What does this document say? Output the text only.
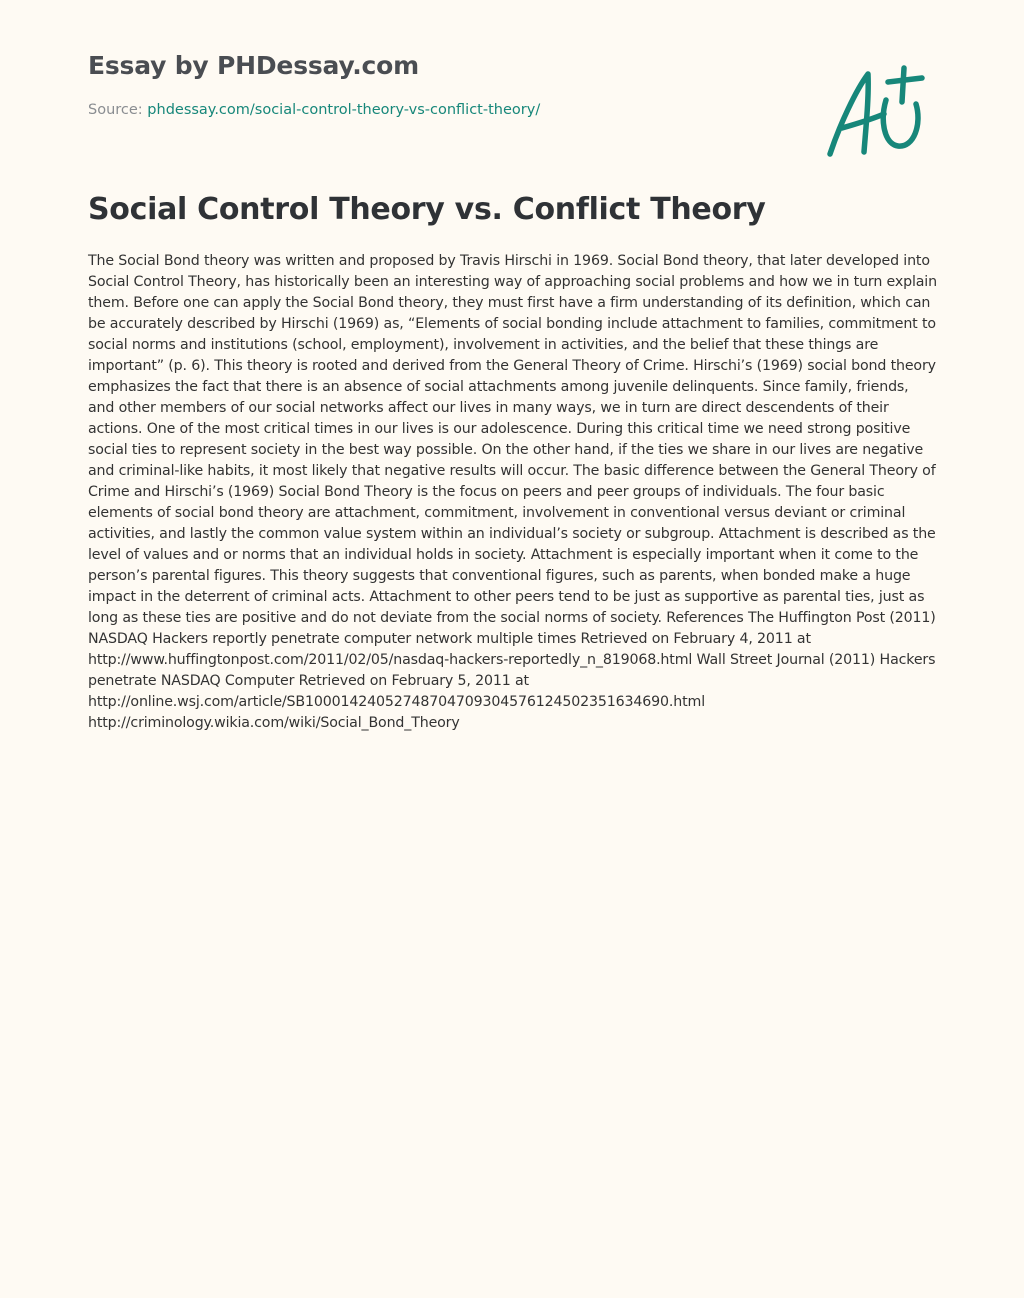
Essay by PHDessay.com
Source: phdessay.com/social-control-theory-vs-conflict-theory/
Social Control Theory vs. Conflict Theory

The Social Bond theory was written and proposed by Travis Hirschi in 1969. Social Bond theory, that later developed into Social Control Theory, has historically been an interesting way of approaching social problems and how we in turn explain them. Before one can apply the Social Bond theory, they must first have a firm understanding of its definition, which can be accurately described by Hirschi (1969) as, “Elements of social bonding include attachment to families, commitment to social norms and institutions (school, employment), involvement in activities, and the belief that these things are important” (p. 6). This theory is rooted and derived from the General Theory of Crime. Hirschi’s (1969) social bond theory emphasizes the fact that there is an absence of social attachments among juvenile delinquents. Since family, friends, and other members of our social networks affect our lives in many ways, we in turn are direct descendents of their actions. One of the most critical times in our lives is our adolescence. During this critical time we need strong positive social ties to represent society in the best way possible. On the other hand, if the ties we share in our lives are negative and criminal-like habits, it most likely that negative results will occur. The basic difference between the General Theory of Crime and Hirschi’s (1969) Social Bond Theory is the focus on peers and peer groups of individuals. The four basic elements of social bond theory are attachment, commitment, involvement in conventional versus deviant or criminal activities, and lastly the common value system within an individual’s society or subgroup. Attachment is described as the level of values and or norms that an individual holds in society. Attachment is especially important when it come to the person’s parental figures. This theory suggests that conventional figures, such as parents, when bonded make a huge impact in the deterrent of criminal acts. Attachment to other peers tend to be just as supportive as parental ties, just as long as these ties are positive and do not deviate from the social norms of society. References The Huffington Post (2011) NASDAQ Hackers reportly penetrate computer network multiple times Retrieved on February 4, 2011 at http://www.huffingtonpost.com/2011/02/05/nasdaq-hackers-reportedly_n_819068.html Wall Street Journal (2011) Hackers penetrate NASDAQ Computer Retrieved on February 5, 2011 at http://online.wsj.com/article/SB10001424052748704709304576124502351634690.html http://criminology.wikia.com/wiki/Social_Bond_Theory
